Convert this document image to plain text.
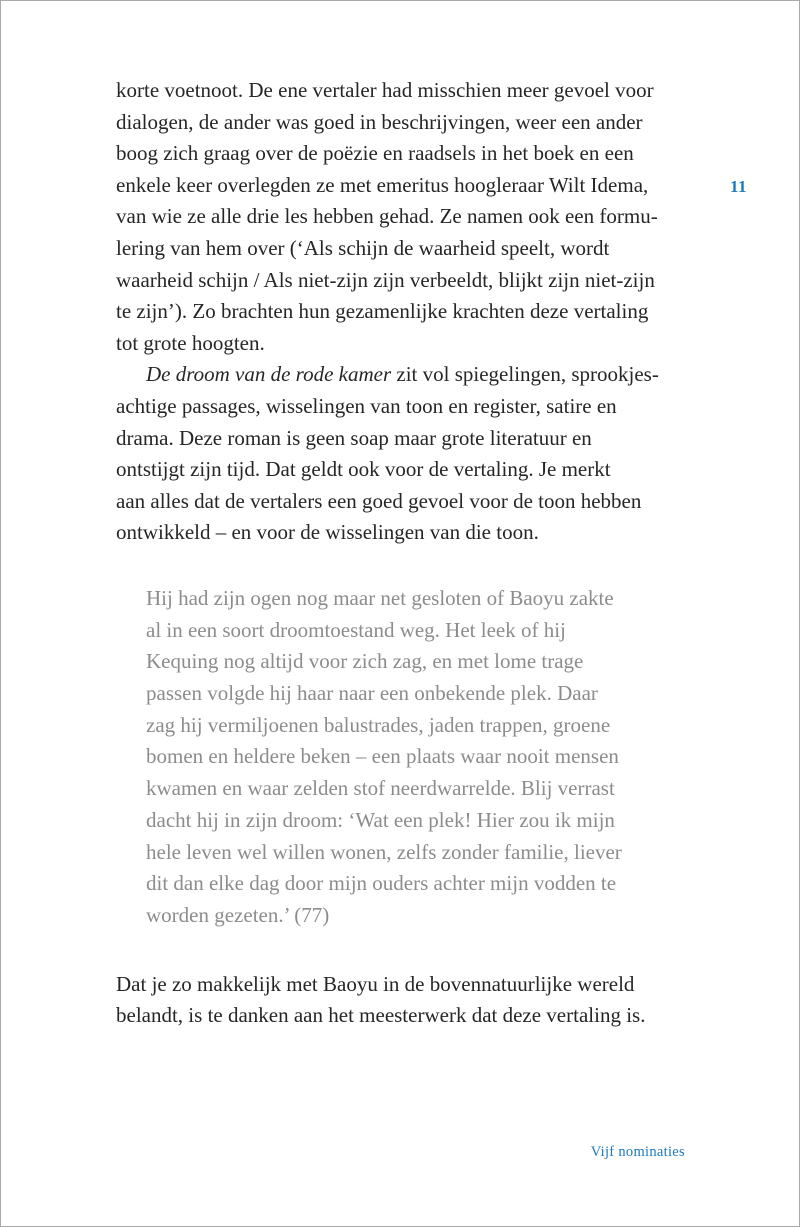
11

korte voetnoot. De ene vertaler had misschien meer gevoel voor
dialogen, de ander was goed in beschrijvingen, weer een ander
boog zich graag over de poëzie en raadsels in het boek en een
enkele keer overlegden ze met emeritus hoogleraar Wilt Idema,
van wie ze alle drie les hebben gehad. Ze namen ook een formu-
lering van hem over (‘Als schijn de waarheid speelt, wordt
waarheid schijn / Als niet-zijn zijn verbeeldt, blijkt zijn niet-zijn
te zijn’). Zo brachten hun gezamenlijke krachten deze vertaling
tot grote hoogten.

De droom van de rode kamer zit vol spiegelingen, sprookjes-
achtige passages, wisselingen van toon en register, satire en
drama. Deze roman is geen soap maar grote literatuur en
ontstijgt zijn tijd. Dat geldt ook voor de vertaling. Je merkt
aan alles dat de vertalers een goed gevoel voor de toon hebben
ontwikkeld – en voor de wisselingen van die toon.

Hij had zijn ogen nog maar net gesloten of Baoyu zakte
al in een soort droomtoestand weg. Het leek of hij
Kequing nog altijd voor zich zag, en met lome trage
passen volgde hij haar naar een onbekende plek. Daar
zag hij vermiljoenen balustrades, jaden trappen, groene
bomen en heldere beken – een plaats waar nooit mensen
kwamen en waar zelden stof neerdwarrelde. Blij verrast
dacht hij in zijn droom: ‘Wat een plek! Hier zou ik mijn
hele leven wel willen wonen, zelfs zonder familie, liever
dit dan elke dag door mijn ouders achter mijn vodden te
worden gezeten.’ (77)

Dat je zo makkelijk met Baoyu in de bovennatuurlijke wereld
belandt, is te danken aan het meesterwerk dat deze vertaling is.

Vijf nominaties
